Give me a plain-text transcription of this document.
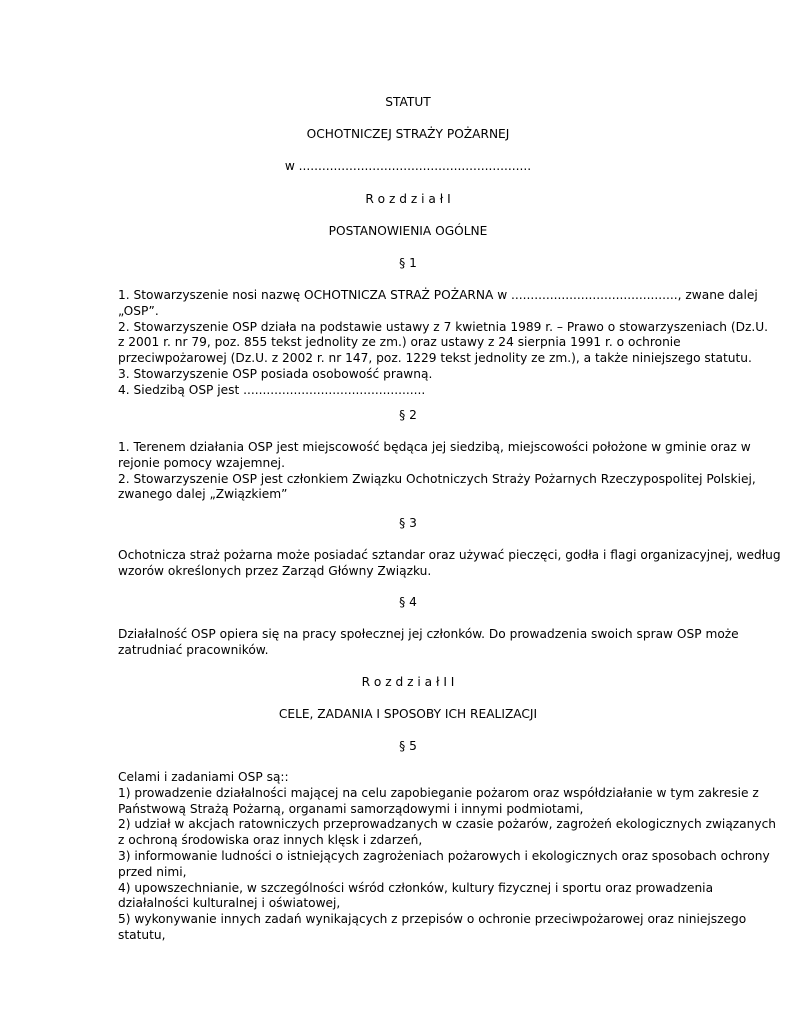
STATUT
OCHOTNICZEJ STRAŻY POŻARNEJ
w ............................................................
R o z d z i a ł I
POSTANOWIENIA OGÓLNE
§ 1
1. Stowarzyszenie nosi nazwę OCHOTNICZA STRAŻ POŻARNA w ..........................................., zwane dalej
„OSP”.
2. Stowarzyszenie OSP działa na podstawie ustawy z 7 kwietnia 1989 r. – Prawo o stowarzyszeniach (Dz.U.
z 2001 r. nr 79, poz. 855 tekst jednolity ze zm.) oraz ustawy z 24 sierpnia 1991 r. o ochronie
przeciwpożarowej (Dz.U. z 2002 r. nr 147, poz. 1229 tekst jednolity ze zm.), a także niniejszego statutu.
3. Stowarzyszenie OSP posiada osobowość prawną.
4. Siedzibą OSP jest ...............................................
§ 2
1. Terenem działania OSP jest miejscowość będąca jej siedzibą, miejscowości położone w gminie oraz w
rejonie pomocy wzajemnej.
2. Stowarzyszenie OSP jest członkiem Związku Ochotniczych Straży Pożarnych Rzeczypospolitej Polskiej,
zwanego dalej „Związkiem”
§ 3
Ochotnicza straż pożarna może posiadać sztandar oraz używać pieczęci, godła i flagi organizacyjnej, według
wzorów określonych przez Zarząd Główny Związku.
§ 4
Działalność OSP opiera się na pracy społecznej jej członków. Do prowadzenia swoich spraw OSP może
zatrudniać pracowników.
R o z d z i a ł I I
CELE, ZADANIA I SPOSOBY ICH REALIZACJI
§ 5
Celami i zadaniami OSP są::
1) prowadzenie działalności mającej na celu zapobieganie pożarom oraz współdziałanie w tym zakresie z
Państwową Strażą Pożarną, organami samorządowymi i innymi podmiotami,
2) udział w akcjach ratowniczych przeprowadzanych w czasie pożarów, zagrożeń ekologicznych związanych
z ochroną środowiska oraz innych klęsk i zdarzeń,
3) informowanie ludności o istniejących zagrożeniach pożarowych i ekologicznych oraz sposobach ochrony
przed nimi,
4) upowszechnianie, w szczególności wśród członków, kultury fizycznej i sportu oraz prowadzenia
działalności kulturalnej i oświatowej,
5) wykonywanie innych zadań wynikających z przepisów o ochronie przeciwpożarowej oraz niniejszego
statutu,
